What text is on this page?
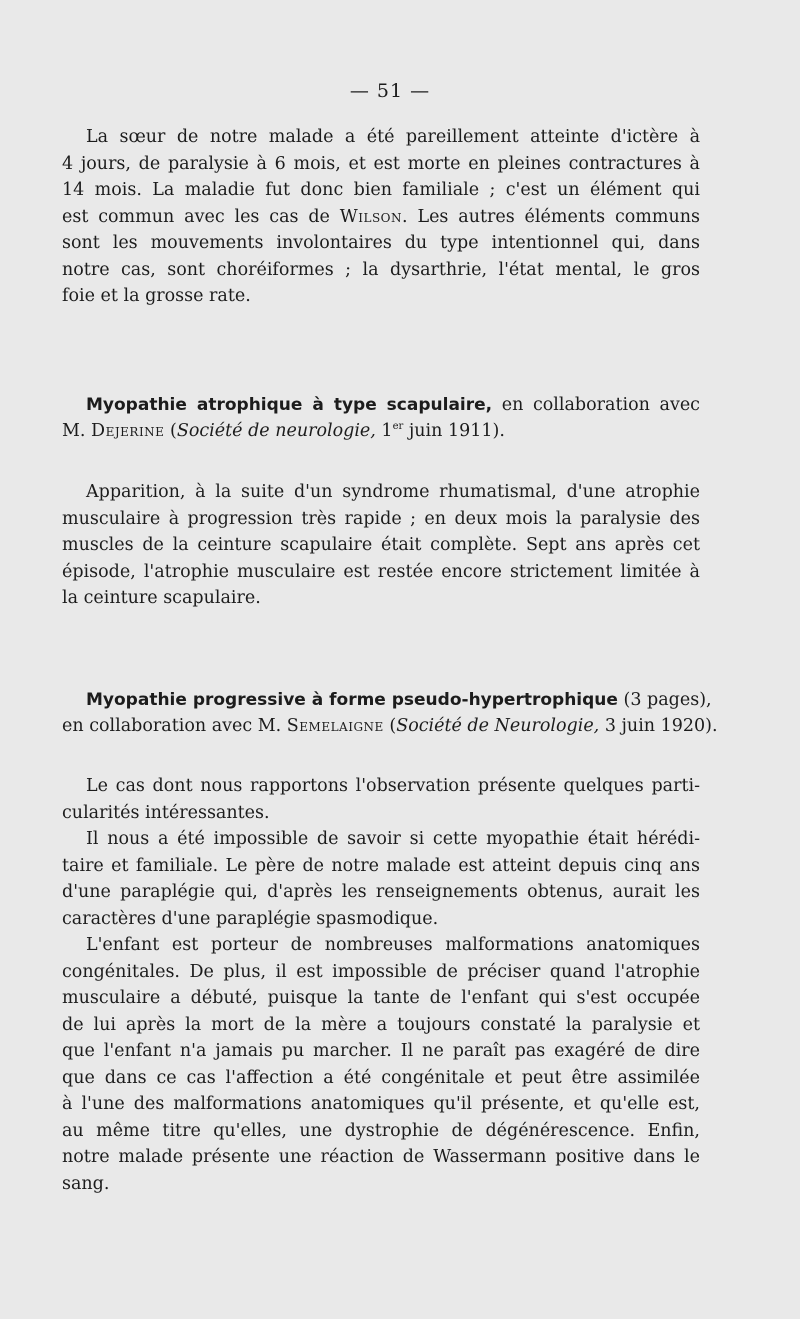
— 51 —
La sœur de notre malade a été pareillement atteinte d'ictère à
4 jours, de paralysie à 6 mois, et est morte en pleines contractures à
14 mois. La maladie fut donc bien familiale ; c'est un élément qui
est commun avec les cas de Wilson. Les autres éléments communs
sont les mouvements involontaires du type intentionnel qui, dans
notre cas, sont choréiformes ; la dysarthrie, l'état mental, le gros
foie et la grosse rate.
Myopathie atrophique à type scapulaire, en collaboration avec
M. Dejerine (Société de neurologie, 1er juin 1911).
Apparition, à la suite d'un syndrome rhumatismal, d'une atrophie
musculaire à progression très rapide ; en deux mois la paralysie des
muscles de la ceinture scapulaire était complète. Sept ans après cet
épisode, l'atrophie musculaire est restée encore strictement limitée à
la ceinture scapulaire.
Myopathie progressive à forme pseudo-hypertrophique (3 pages),
en collaboration avec M. Semelaigne (Société de Neurologie, 3 juin 1920).
Le cas dont nous rapportons l'observation présente quelques parti-
cularités intéressantes.
Il nous a été impossible de savoir si cette myopathie était hérédi-
taire et familiale. Le père de notre malade est atteint depuis cinq ans
d'une paraplégie qui, d'après les renseignements obtenus, aurait les
caractères d'une paraplégie spasmodique.
L'enfant est porteur de nombreuses malformations anatomiques
congénitales. De plus, il est impossible de préciser quand l'atrophie
musculaire a débuté, puisque la tante de l'enfant qui s'est occupée
de lui après la mort de la mère a toujours constaté la paralysie et
que l'enfant n'a jamais pu marcher. Il ne paraît pas exagéré de dire
que dans ce cas l'affection a été congénitale et peut être assimilée
à l'une des malformations anatomiques qu'il présente, et qu'elle est,
au même titre qu'elles, une dystrophie de dégénérescence. Enfin,
notre malade présente une réaction de Wassermann positive dans le
sang.
